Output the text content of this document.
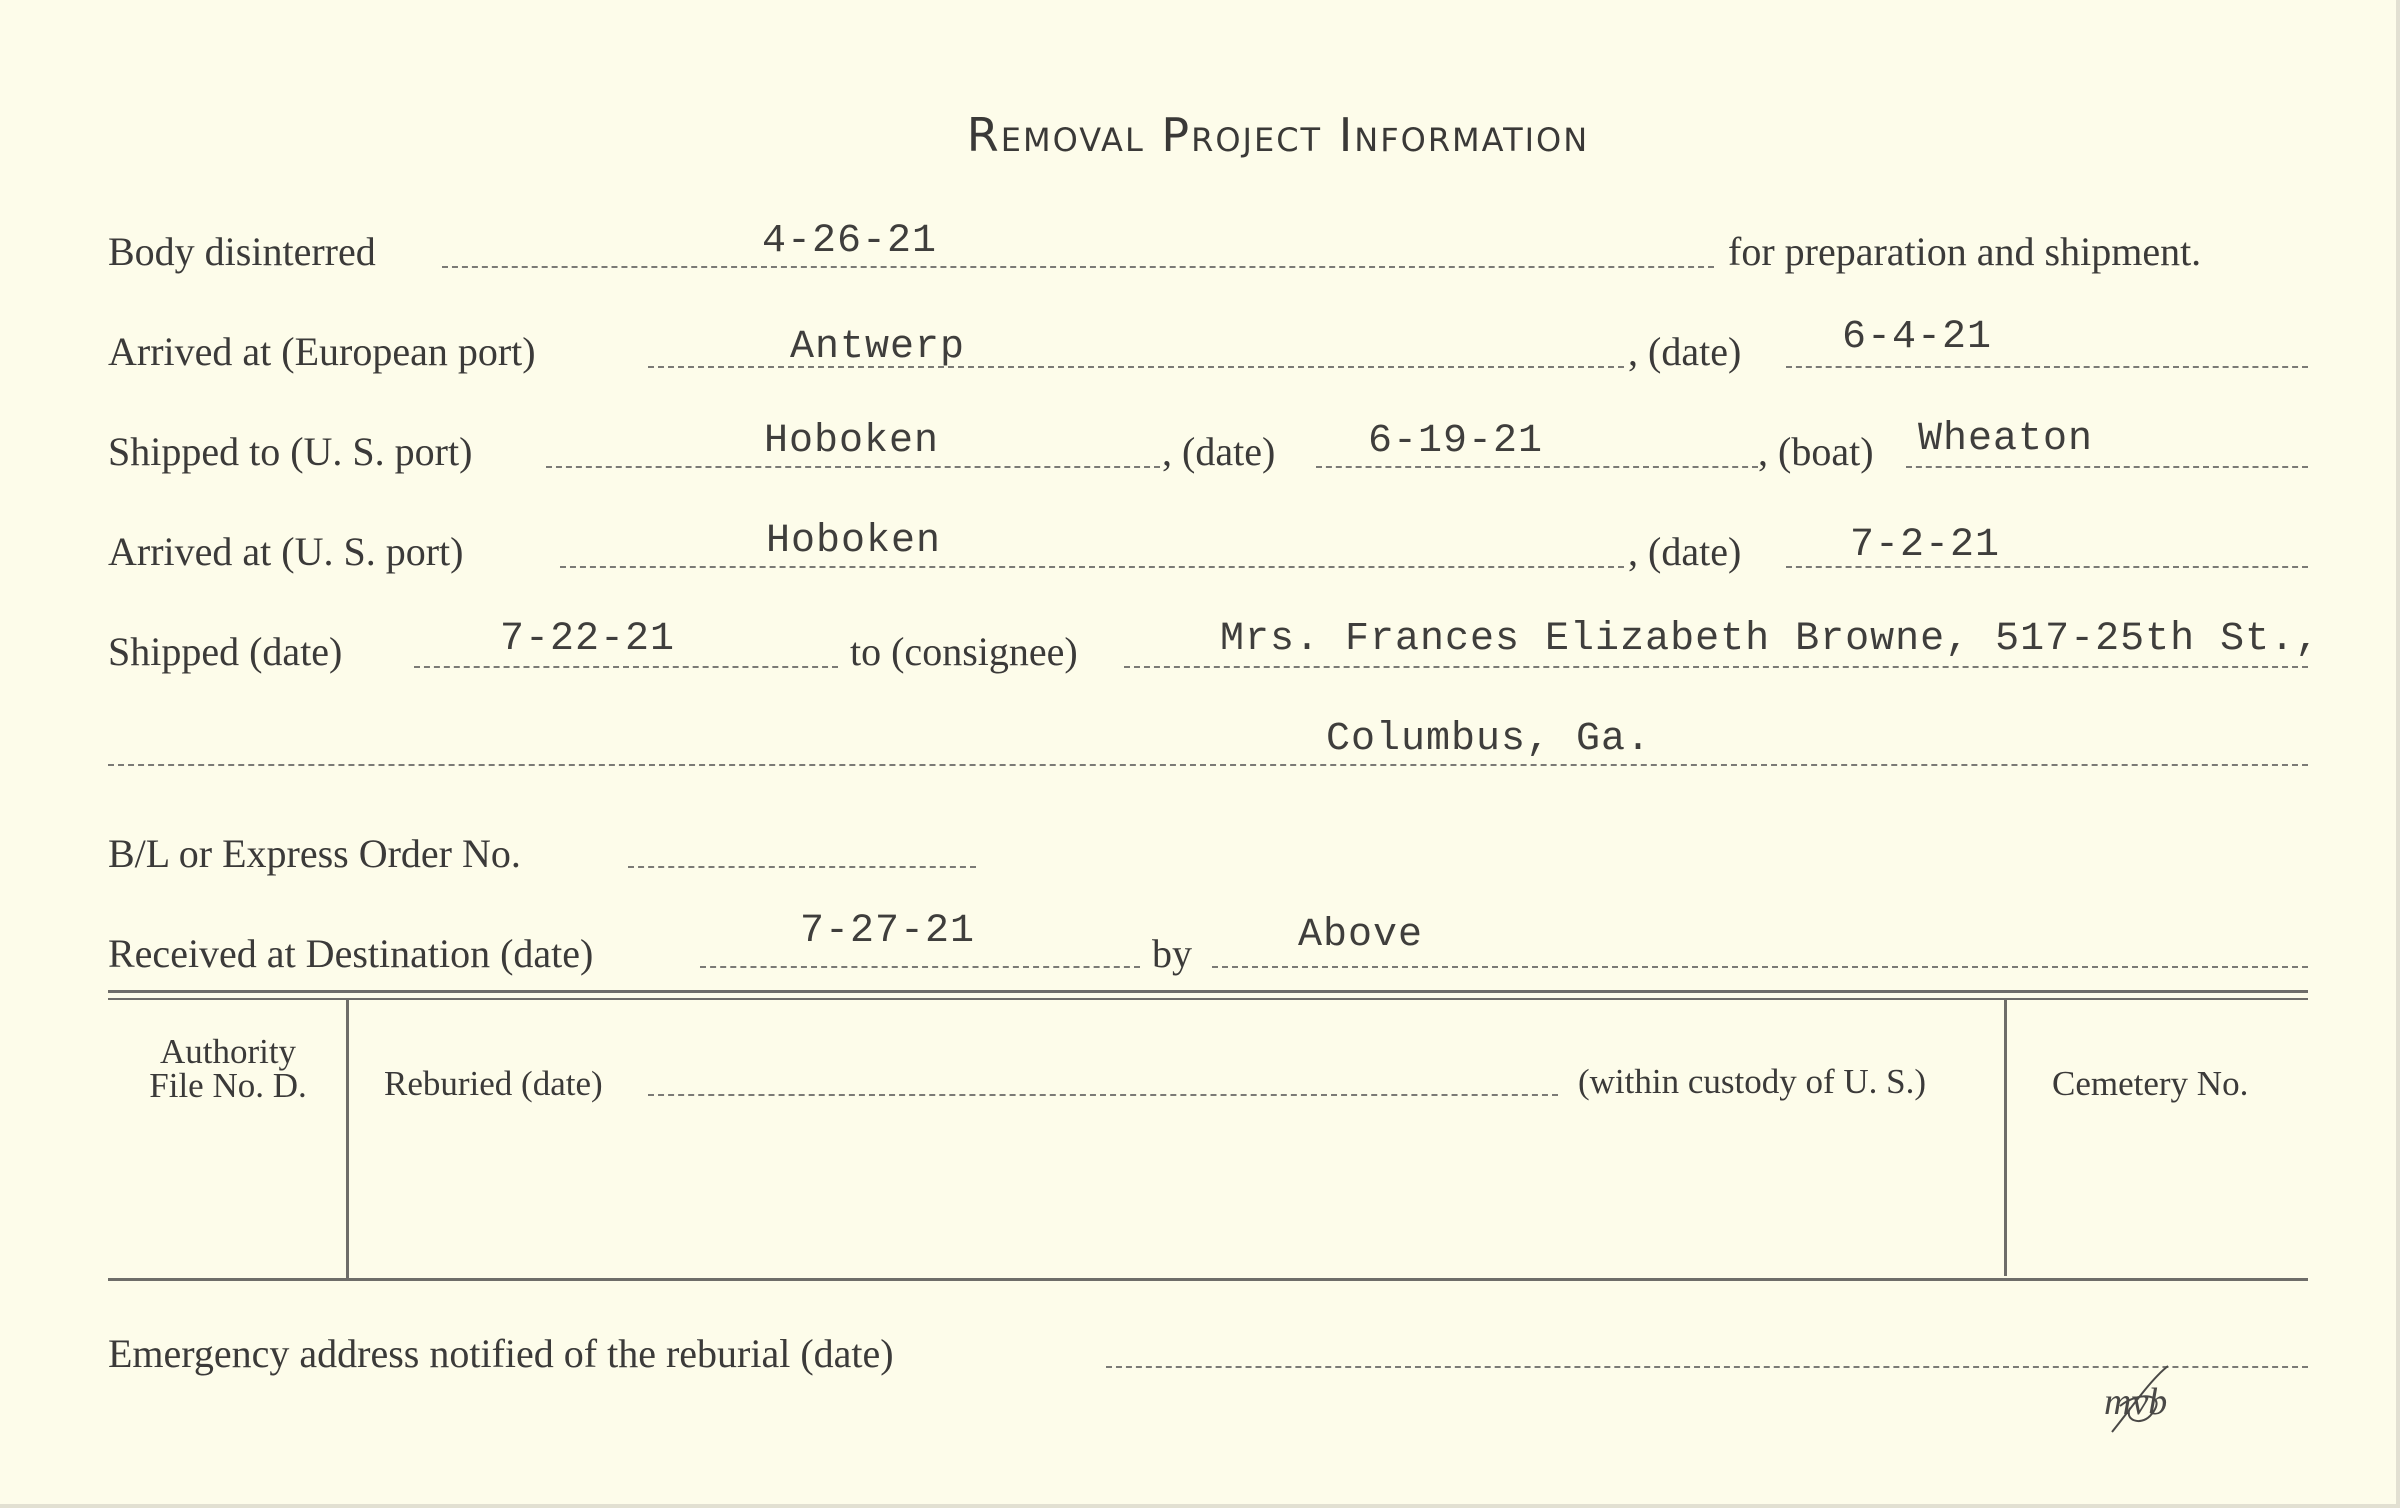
Removal Project Information
Body disinterred	4-26-21	for preparation and shipment.
Arrived at (European port)	Antwerp	, (date)	6-4-21
Shipped to (U. S. port)	Hoboken	, (date) 6-19-21	, (boat) Wheaton
Arrived at (U. S. port)	Hoboken	, (date)	7-2-21
Shipped (date)	7-22-21	to (consignee)	Mrs. Frances Elizabeth Browne, 517-25th St.,
Columbus, Ga.
B/L or Express Order No.
Received at Destination (date)	7-27-21	by	Above
Authority
File No. D.	Reburied (date)	(within custody of U. S.)	Cemetery No.
Emergency address notified of the reburial (date)
mvb
